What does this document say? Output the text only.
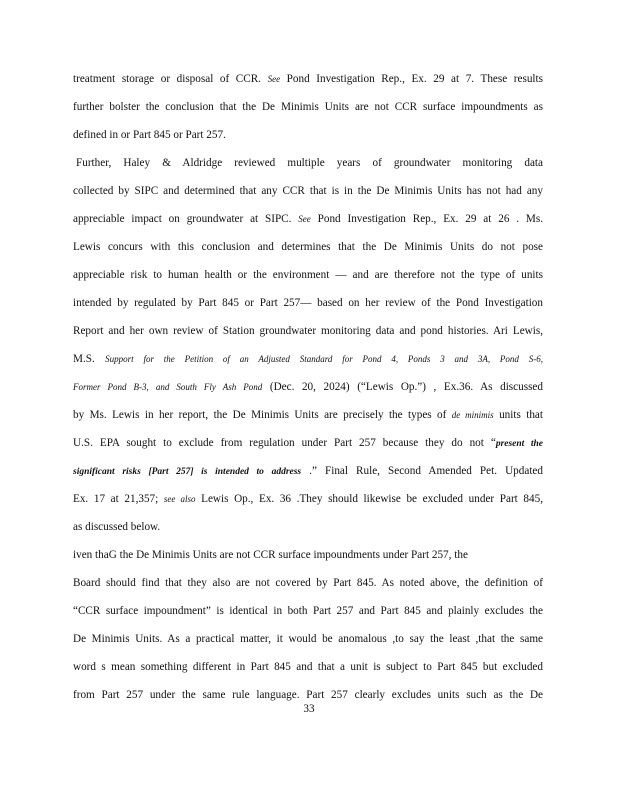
treatment storage or disposal of CCR. See Pond Investigation Rep., Ex. 29 at 7. These results
further bolster the conclusion that the De Minimis Units are not CCR surface impoundments as
defined in or Part 845 or Part 257.
Further, Haley & Aldridge reviewed multiple years of groundwater monitoring data
collected by SIPC and determined that any CCR that is in the De Minimis Units has not had any
appreciable impact on groundwater at SIPC. See Pond Investigation Rep., Ex. 29 at 26 . Ms.
Lewis concurs with this conclusion and determines that the De Minimis Units do not pose
appreciable risk to human health or the environment — and are therefore not the type of units
intended by regulated by Part 845 or Part 257— based on her review of the Pond Investigation
Report and her own review of Station groundwater monitoring data and pond histories. Ari Lewis,
M.S. Support for the Petition of an Adjusted Standard for Pond 4, Ponds 3 and 3A, Pond S-6,
Former Pond B-3, and South Fly Ash Pond (Dec. 20, 2024) (“Lewis Op.”) , Ex.36. As discussed
by Ms. Lewis in her report, the De Minimis Units are precisely the types of de minimis units that
U.S. EPA sought to exclude from regulation under Part 257 because they do not “present the
significant risks [Part 257] is intended to address .” Final Rule, Second Amended Pet. Updated
Ex. 17 at 21,357; see also Lewis Op., Ex. 36 .They should likewise be excluded under Part 845,
as discussed below.
iven thaG the De Minimis Units are not CCR surface impoundments under Part 257, the
Board should find that they also are not covered by Part 845. As noted above, the definition of
“CCR surface impoundment” is identical in both Part 257 and Part 845 and plainly excludes the
De Minimis Units. As a practical matter, it would be anomalous ,to say the least ,that the same
word s mean something different in Part 845 and that a unit is subject to Part 845 but excluded
from Part 257 under the same rule language. Part 257 clearly excludes units such as the De
33
